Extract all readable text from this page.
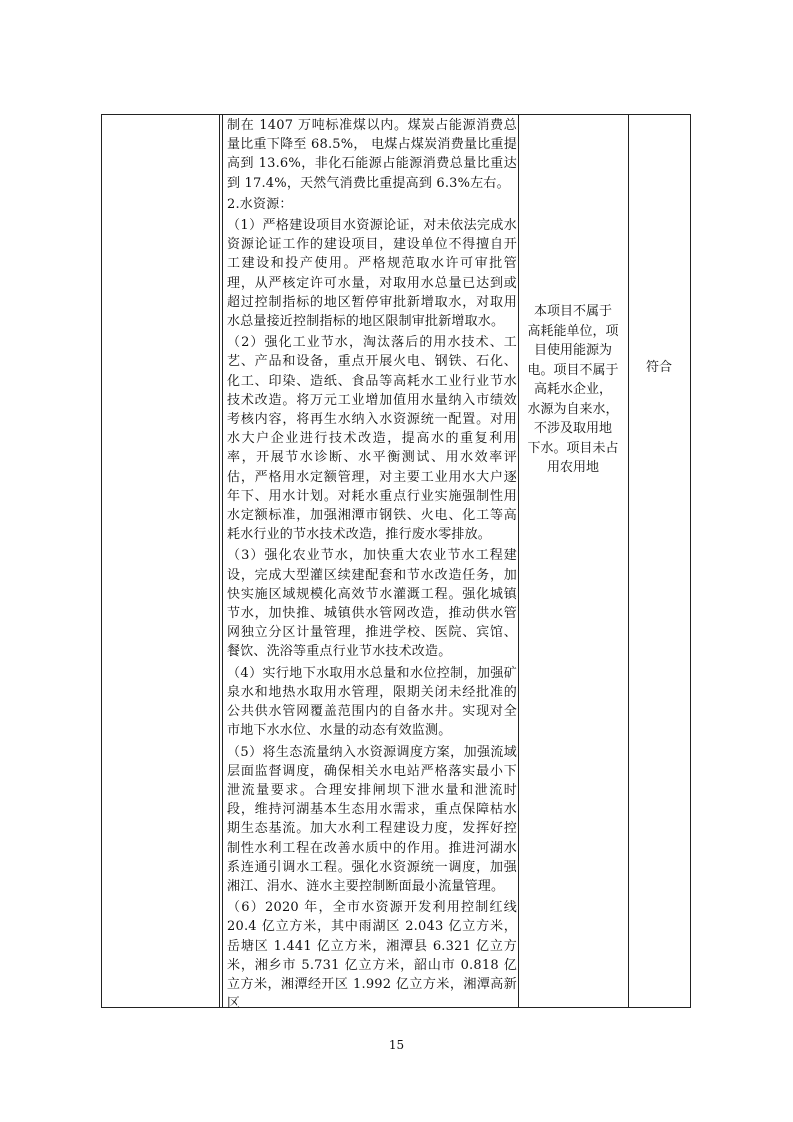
制在 1407 万吨标准煤以内。煤炭占能源消费总量比重下降至 68.5%， 电煤占煤炭消费量比重提高到 13.6%，非化石能源占能源消费总量比重达到 17.4%，天然气消费比重提高到 6.3%左右。

2.水资源：

（1）严格建设项目水资源论证，对未依法完成水资源论证工作的建设项目，建设单位不得擅自开工建设和投产使用。严格规范取水许可审批管理，从严核定许可水量，对取用水总量已达到或超过控制指标的地区暂停审批新增取水，对取用水总量接近控制指标的地区限制审批新增取水。

（2）强化工业节水，淘汰落后的用水技术、工艺、产品和设备，重点开展火电、钢铁、石化、化工、印染、造纸、食品等高耗水工业行业节水技术改造。将万元工业增加值用水量纳入市绩效考核内容，将再生水纳入水资源统一配置。对用水大户企业进行技术改造，提高水的重复利用率，开展节水诊断、水平衡测试、用水效率评估，严格用水定额管理，对主要工业用水大户逐年下、用水计划。对耗水重点行业实施强制性用水定额标准，加强湘潭市钢铁、火电、化工等高耗水行业的节水技术改造，推行废水零排放。

（3）强化农业节水，加快重大农业节水工程建设，完成大型灌区续建配套和节水改造任务，加快实施区域规模化高效节水灌溉工程。强化城镇节水，加快推、城镇供水管网改造，推动供水管网独立分区计量管理，推进学校、医院、宾馆、餐饮、洗浴等重点行业节水技术改造。

（4）实行地下水取用水总量和水位控制，加强矿泉水和地热水取用水管理，限期关闭未经批准的公共供水管网覆盖范围内的自备水井。实现对全市地下水水位、水量的动态有效监测。

（5）将生态流量纳入水资源调度方案，加强流域层面监督调度，确保相关水电站严格落实最小下泄流量要求。合理安排闸坝下泄水量和泄流时段，维持河湖基本生态用水需求，重点保障枯水期生态基流。加大水利工程建设力度，发挥好控制性水利工程在改善水质中的作用。推进河湖水系连通引调水工程。强化水资源统一调度，加强湘江、涓水、涟水主要控制断面最小流量管理。

（6）2020 年，全市水资源开发利用控制红线 20.4 亿立方米，其中雨湖区 2.043 亿立方米，岳塘区 1.441 亿立方米，湘潭县 6.321 亿立方米，湘乡市 5.731 亿立方米，韶山市 0.818 亿立方米，湘潭经开区 1.992 亿立方米，湘潭高新区

本项目不属于
高耗能单位，项
目使用能源为
电。项目不属于
高耗水企业，
水源为自来水，
不涉及取用地
下水。项目未占
用农用地
符合
15
